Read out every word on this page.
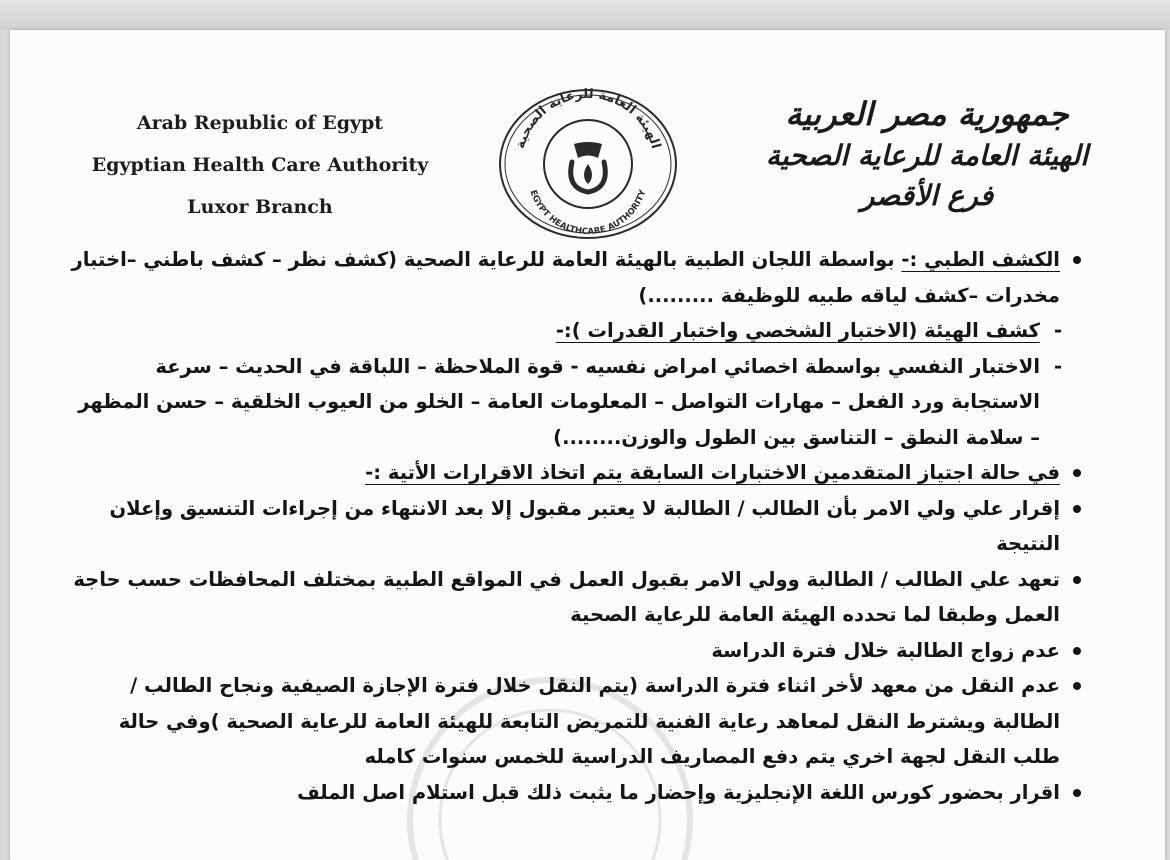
Arab Republic of Egypt
Egyptian Health Care Authority
Luxor Branch
الهيئة العامة للرعاية الصحية
EGYPT HEALTHCARE AUTHORITY
جمهورية مصر العربية
الهيئة العامة للرعاية الصحية
فرع الأقصر
الكشف الطبي :- بواسطة اللجان الطبية بالهيئة العامة للرعاية الصحية (كشف نظر – كشف باطني –اختبار مخدرات –كشف لياقه طبيه للوظيفة .........)
-
كشف الهيئة (الاختبار الشخصي واختبار القدرات ):-
-
الاختبار النفسي بواسطة اخصائي امراض نفسيه - قوة الملاحظة – اللباقة في الحديث – سرعة الاستجابة ورد الفعل – مهارات التواصل – المعلومات العامة – الخلو من العيوب الخلقية – حسن المظهر – سلامة النطق – التناسق بين الطول والوزن........)
في حالة اجتياز المتقدمين الاختبارات السابقة يتم اتخاذ الاقرارات الأتية :-
إقرار علي ولي الامر بأن الطالب / الطالبة لا يعتبر مقبول إلا بعد الانتهاء من إجراءات التنسيق وإعلان النتيجة
تعهد علي الطالب / الطالبة وولي الامر بقبول العمل في المواقع الطبية بمختلف المحافظات حسب حاجة العمل وطبقا لما تحدده الهيئة العامة للرعاية الصحية
عدم زواج الطالبة خلال فترة الدراسة
عدم النقل من معهد لأخر اثناء فترة الدراسة (يتم النقل خلال فترة الإجازة الصيفية ونجاح الطالب / الطالبة ويشترط النقل لمعاهد رعاية الفنية للتمريض التابعة للهيئة العامة للرعاية الصحية )وفي حالة طلب النقل لجهة اخري يتم دفع المصاريف الدراسية للخمس سنوات كامله
اقرار بحضور كورس اللغة الإنجليزية وإحضار ما يثبت ذلك قبل استلام اصل الملف
